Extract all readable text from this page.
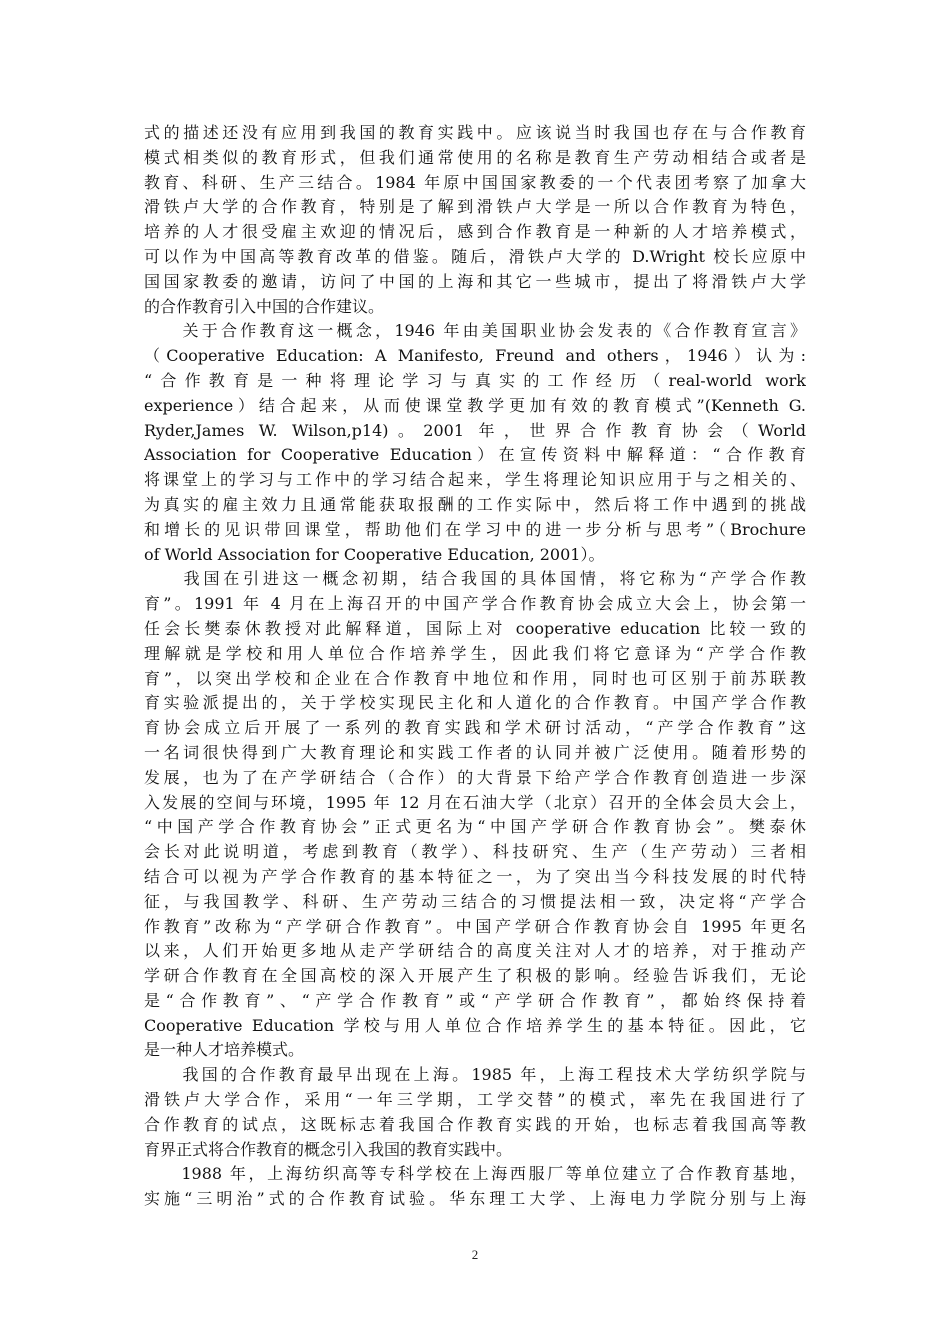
式的描述还没有应用到我国的教育实践中。应该说当时我国也存在与合作教育
模式相类似的教育形式，但我们通常使用的名称是教育生产劳动相结合或者是
教育、科研、生产三结合。1984 年原中国国家教委的一个代表团考察了加拿大
滑铁卢大学的合作教育，特别是了解到滑铁卢大学是一所以合作教育为特色，
培养的人才很受雇主欢迎的情况后，感到合作教育是一种新的人才培养模式，
可以作为中国高等教育改革的借鉴。随后，滑铁卢大学的 D.Wright 校长应原中
国国家教委的邀请，访问了中国的上海和其它一些城市，提出了将滑铁卢大学
的合作教育引入中国的合作建议。
　　关于合作教育这一概念，1946 年由美国职业协会发表的《合作教育宣言》
（Cooperative Education: A Manifesto, Freund and others，1946）认为:
“合作教育是一种将理论学习与真实的工作经历（real-world work
experience）结合起来，从而使课堂教学更加有效的教育模式”(Kenneth G.
Ryder,James W. Wilson,p14)。2001 年，世界合作教育协会（World
Association for Cooperative Education）在宣传资料中解释道：“合作教育
将课堂上的学习与工作中的学习结合起来，学生将理论知识应用于与之相关的、
为真实的雇主效力且通常能获取报酬的工作实际中，然后将工作中遇到的挑战
和增长的见识带回课堂，帮助他们在学习中的进一步分析与思考”（Brochure
of World Association for Cooperative Education, 2001）。
　　我国在引进这一概念初期，结合我国的具体国情，将它称为“产学合作教
育”。1991 年 4 月在上海召开的中国产学合作教育协会成立大会上，协会第一
任会长樊泰休教授对此解释道，国际上对 cooperative education 比较一致的
理解就是学校和用人单位合作培养学生，因此我们将它意译为“产学合作教
育”，以突出学校和企业在合作教育中地位和作用，同时也可区别于前苏联教
育实验派提出的，关于学校实现民主化和人道化的合作教育。中国产学合作教
育协会成立后开展了一系列的教育实践和学术研讨活动，“产学合作教育”这
一名词很快得到广大教育理论和实践工作者的认同并被广泛使用。随着形势的
发展，也为了在产学研结合（合作）的大背景下给产学合作教育创造进一步深
入发展的空间与环境，1995 年 12 月在石油大学（北京）召开的全体会员大会上，
“中国产学合作教育协会”正式更名为“中国产学研合作教育协会”。樊泰休
会长对此说明道，考虑到教育（教学）、科技研究、生产（生产劳动）三者相
结合可以视为产学合作教育的基本特征之一，为了突出当今科技发展的时代特
征，与我国教学、科研、生产劳动三结合的习惯提法相一致，决定将“产学合
作教育”改称为“产学研合作教育”。中国产学研合作教育协会自 1995 年更名
以来，人们开始更多地从走产学研结合的高度关注对人才的培养，对于推动产
学研合作教育在全国高校的深入开展产生了积极的影响。经验告诉我们，无论
是“合作教育”、“产学合作教育”或“产学研合作教育”，都始终保持着
Cooperative Education 学校与用人单位合作培养学生的基本特征。因此，它
是一种人才培养模式。
　　我国的合作教育最早出现在上海。1985 年，上海工程技术大学纺织学院与
滑铁卢大学合作，采用“一年三学期，工学交替”的模式，率先在我国进行了
合作教育的试点，这既标志着我国合作教育实践的开始，也标志着我国高等教
育界正式将合作教育的概念引入我国的教育实践中。
　　1988 年，上海纺织高等专科学校在上海西服厂等单位建立了合作教育基地，
实施“三明治”式的合作教育试验。华东理工大学、上海电力学院分别与上海
2
